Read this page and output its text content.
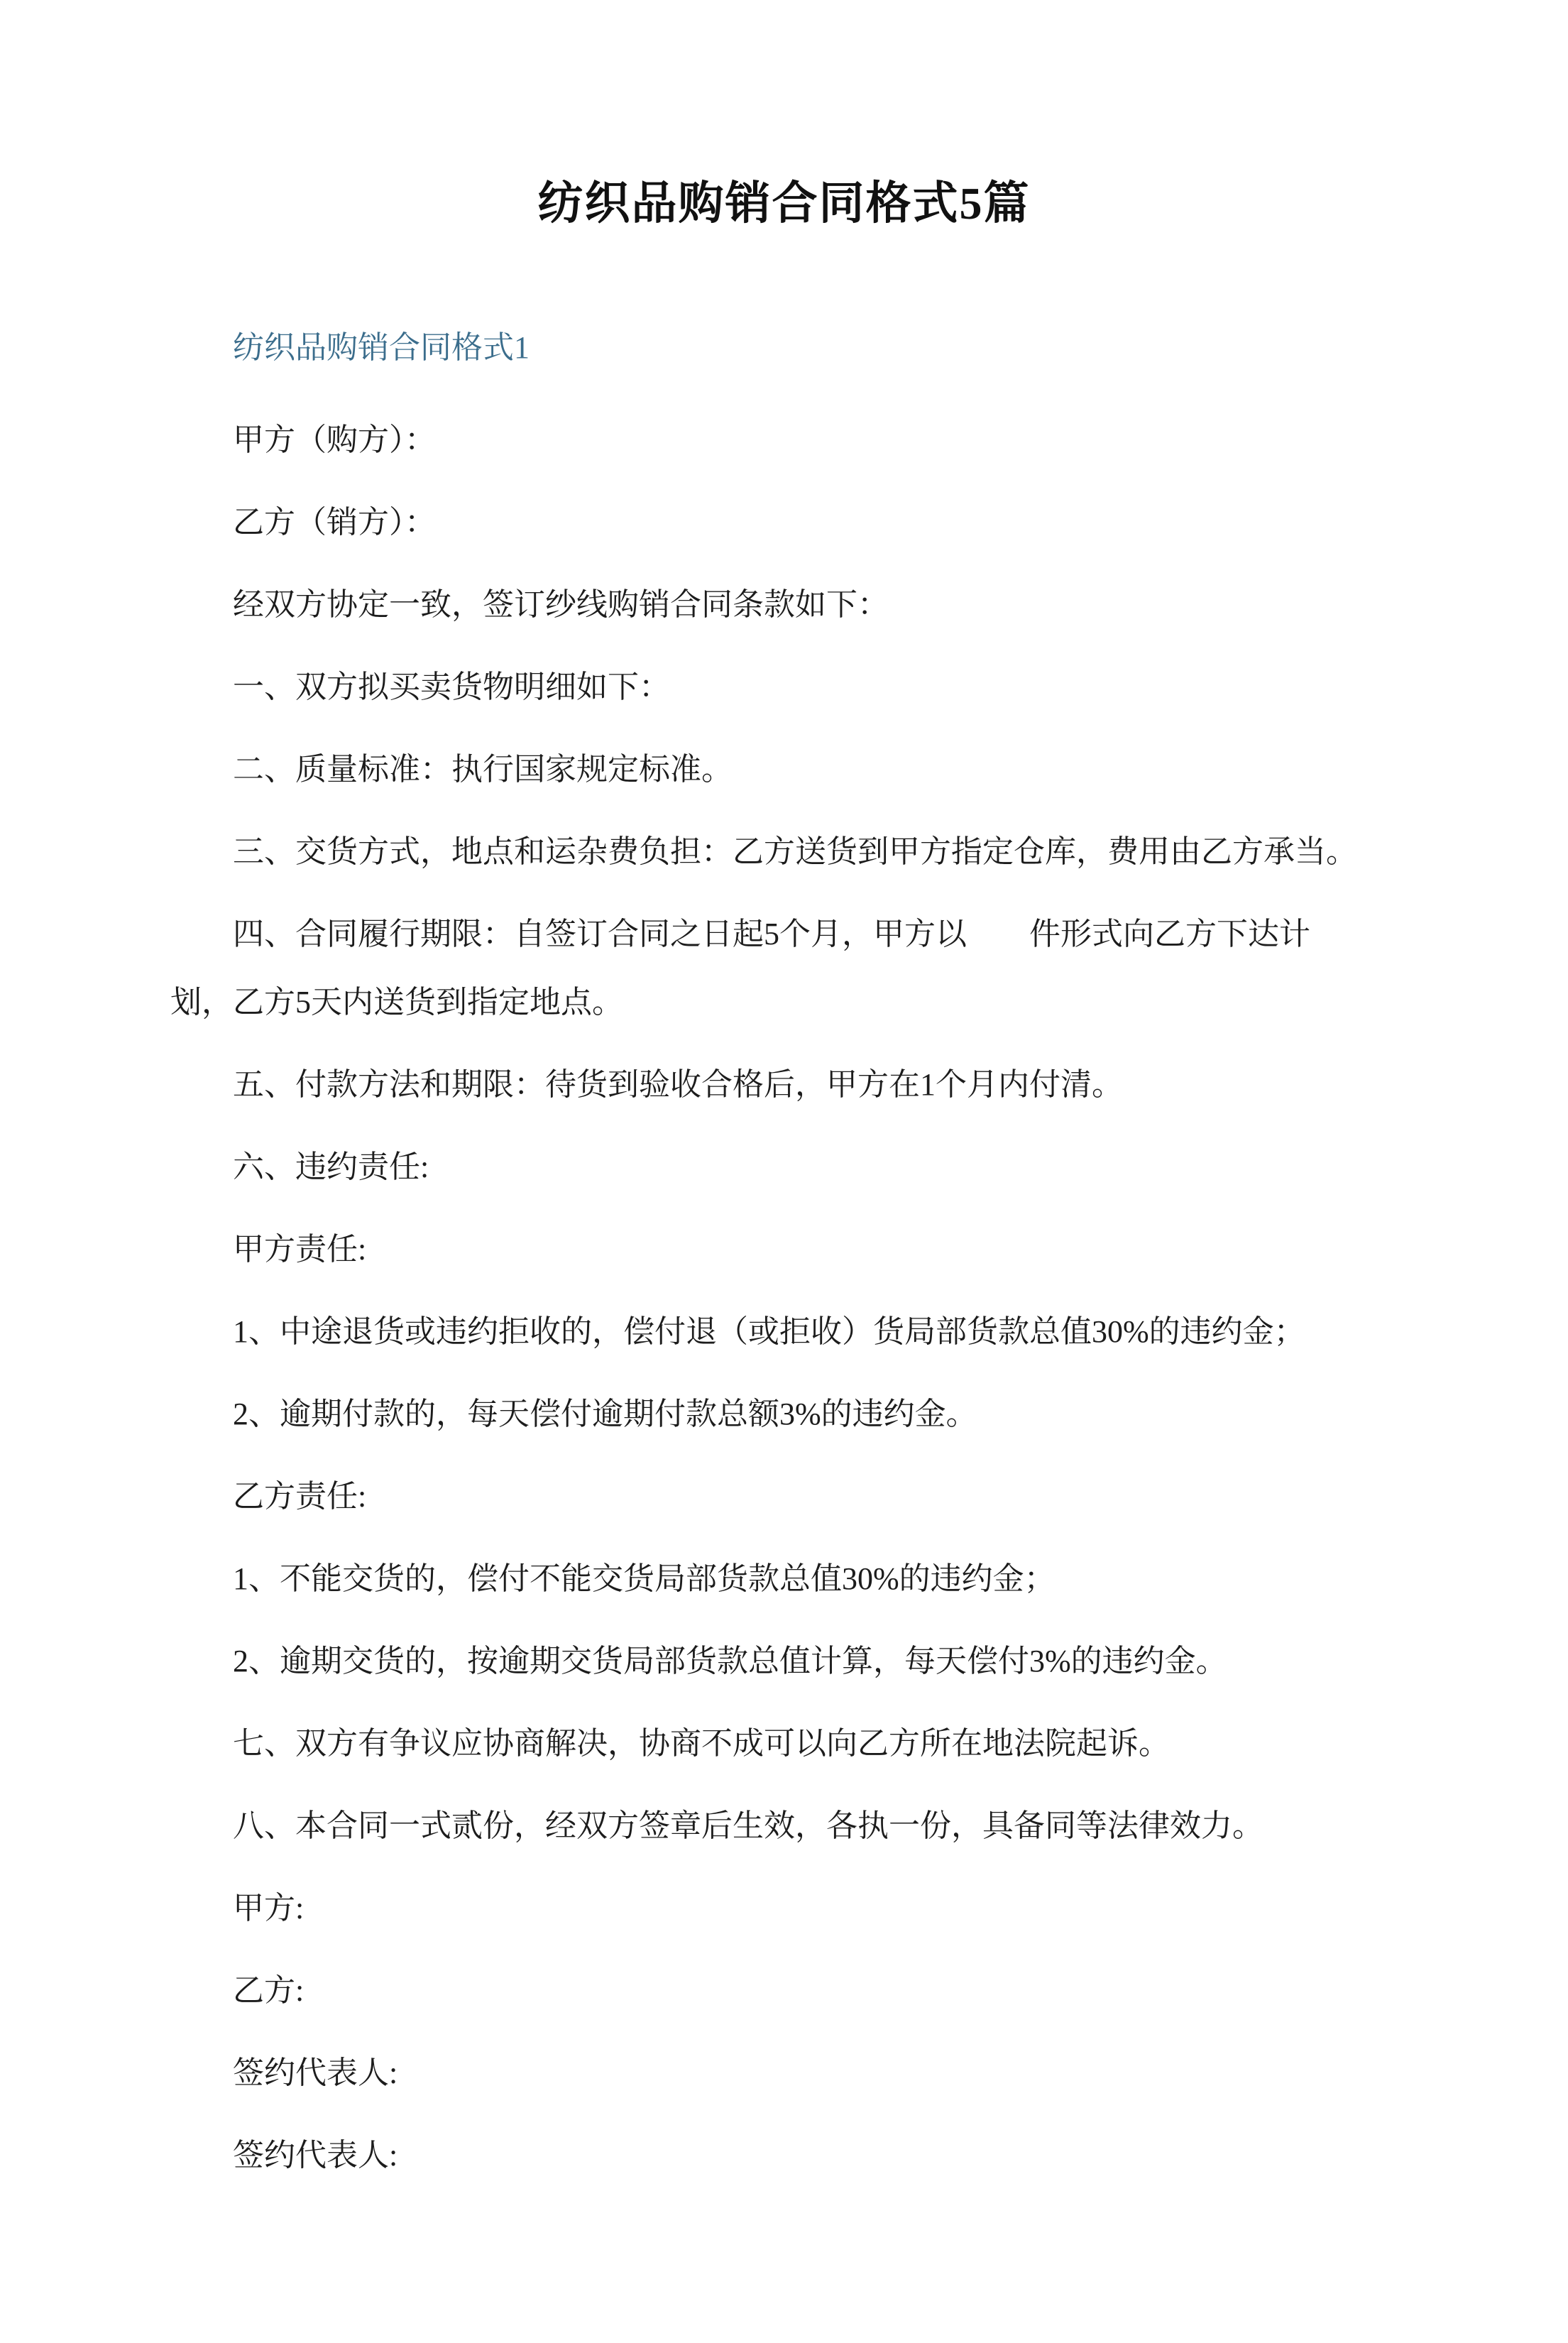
纺织品购销合同格式5篇
纺织品购销合同格式1

甲方（购方）：

乙方（销方）：

经双方协定一致，签订纱线购销合同条款如下：

一、双方拟买卖货物明细如下：

二、质量标准：执行国家规定标准。

三、交货方式，地点和运杂费负担：乙方送货到甲方指定仓库，费用由乙方承当。

四、合同履行期限：自签订合同之日起5个月，甲方以　　件形式向乙方下达计划，乙方5天内送货到指定地点。

五、付款方法和期限：待货到验收合格后，甲方在1个月内付清。

六、违约责任:

甲方责任:

1、中途退货或违约拒收的，偿付退（或拒收）货局部货款总值30%的违约金；

2、逾期付款的，每天偿付逾期付款总额3%的违约金。

乙方责任:

1、不能交货的，偿付不能交货局部货款总值30%的违约金；

2、逾期交货的，按逾期交货局部货款总值计算，每天偿付3%的违约金。

七、双方有争议应协商解决，协商不成可以向乙方所在地法院起诉。

八、本合同一式贰份，经双方签章后生效，各执一份，具备同等法律效力。

甲方:

乙方:

签约代表人:

签约代表人:
